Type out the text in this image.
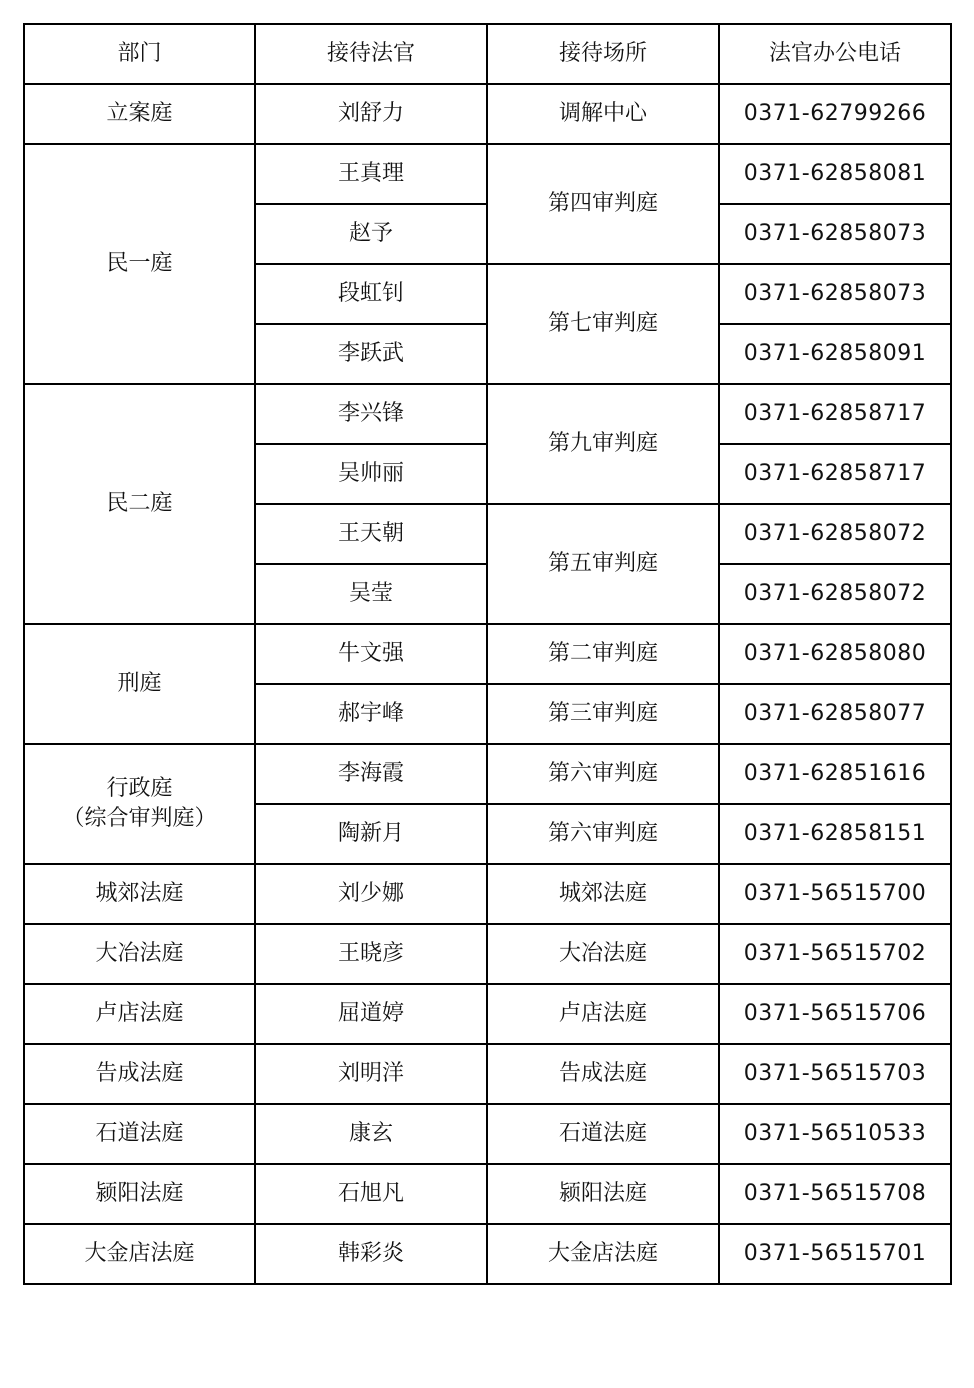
部门	接待法官	接待场所	法官办公电话

立案庭	刘舒力	调解中心	0371-62799266

民一庭	王真理	第四审判庭	0371-62858081
	赵予		0371-62858073
	段虹钊	第七审判庭	0371-62858073
	李跃武		0371-62858091

民二庭	李兴锋	第九审判庭	0371-62858717
	吴帅丽		0371-62858717
	王天朝	第五审判庭	0371-62858072
	吴莹		0371-62858072

刑庭	牛文强	第二审判庭	0371-62858080
	郝宇峰	第三审判庭	0371-62858077

行政庭
（综合审判庭）	李海霞	第六审判庭	0371-62851616
	陶新月	第六审判庭	0371-62858151

城郊法庭	刘少娜	城郊法庭	0371-56515700

大冶法庭	王晓彦	大冶法庭	0371-56515702

卢店法庭	屈道婷	卢店法庭	0371-56515706

告成法庭	刘明洋	告成法庭	0371-56515703

石道法庭	康玄	石道法庭	0371-56510533

颍阳法庭	石旭凡	颍阳法庭	0371-56515708

大金店法庭	韩彩炎	大金店法庭	0371-56515701
